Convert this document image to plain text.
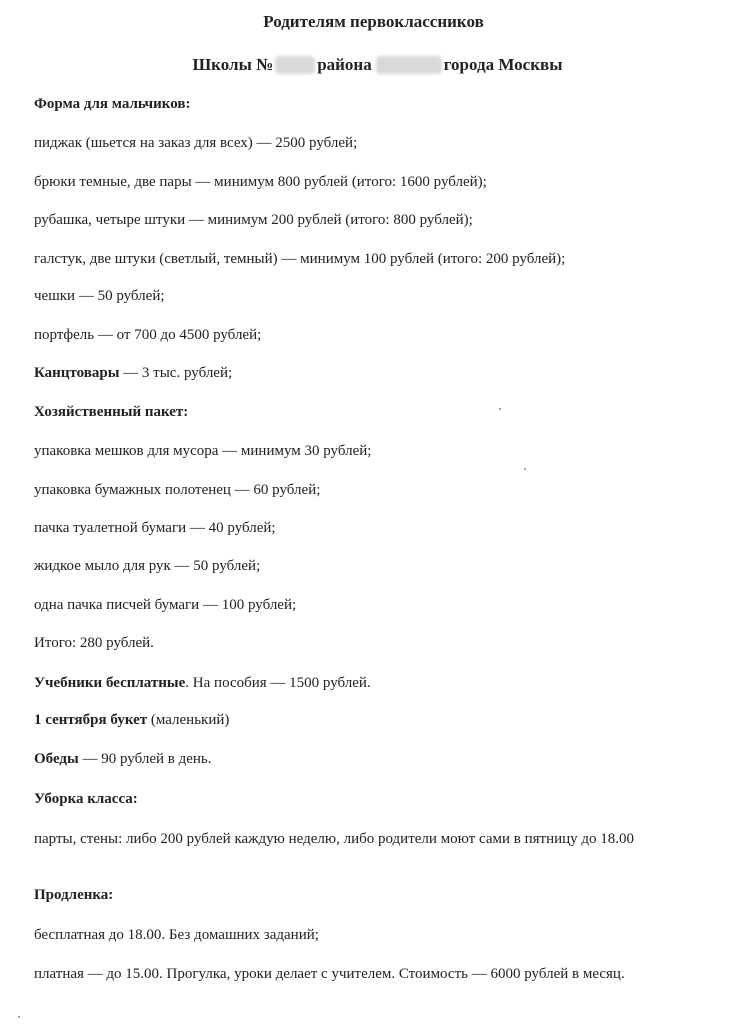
Родителям первоклассников
Школы №	района	города Москвы
Форма для мальчиков:
пиджак (шьется на заказ для всех) — 2500 рублей;
брюки темные, две пары — минимум 800 рублей (итого: 1600 рублей);
рубашка, четыре штуки — минимум 200 рублей (итого: 800 рублей);
галстук, две штуки (светлый, темный) — минимум 100 рублей (итого: 200 рублей);
чешки — 50 рублей;
портфель — от 700 до 4500 рублей;
Канцтовары — 3 тыс. рублей;
Хозяйственный пакет:
упаковка мешков для мусора — минимум 30 рублей;
упаковка бумажных полотенец — 60 рублей;
пачка туалетной бумаги — 40 рублей;
жидкое мыло для рук — 50 рублей;
одна пачка писчей бумаги — 100 рублей;
Итого: 280 рублей.
Учебники бесплатные. На пособия — 1500 рублей.
1 сентября букет (маленький)
Обеды — 90 рублей в день.
Уборка класса:
парты, стены: либо 200 рублей каждую неделю, либо родители моют сами в пятницу до 18.00
Продленка:
бесплатная до 18.00. Без домашних заданий;
платная — до 15.00. Прогулка, уроки делает с учителем. Стоимость — 6000 рублей в месяц.
